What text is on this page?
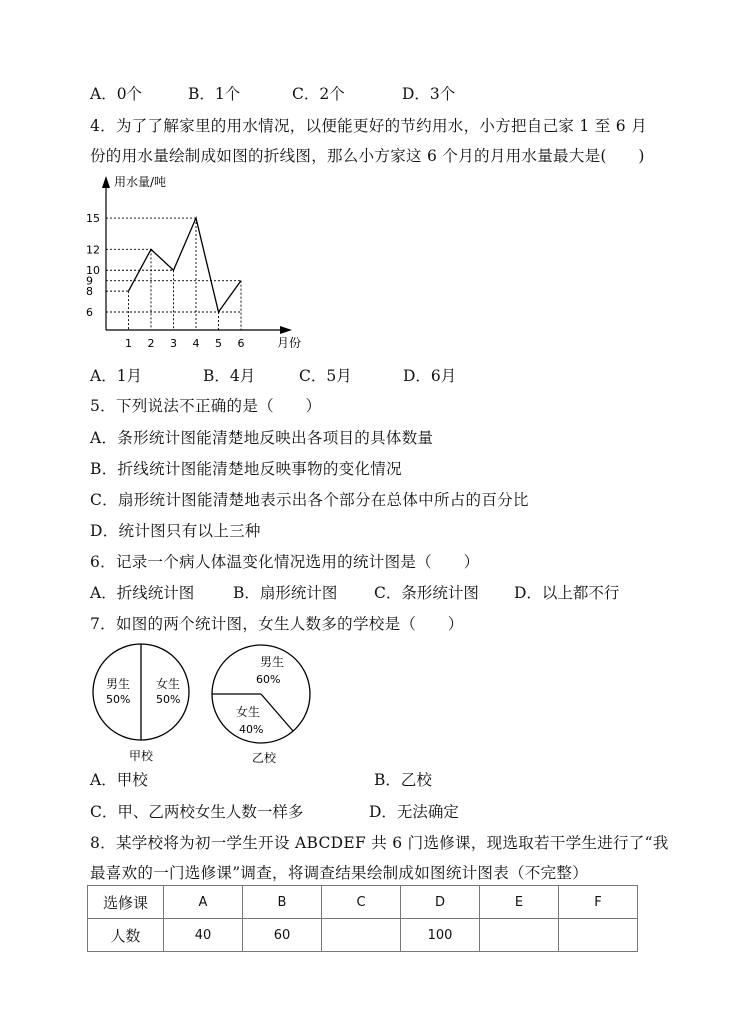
A．0个	B．1个	C．2个	D．3个
4．为了了解家里的用水情况，以便能更好的节约用水，小方把自己家 1 至 6 月
份的用水量绘制成如图的折线图，那么小方家这 6 个月的月用水量最大是(　　)
6
8
9
10
12
15
1 2 3 4 5 6
用水量/吨
月份
A．1月	B．4月	C．5月	D．6月
5．下列说法不正确的是（　　）
A．条形统计图能清楚地反映出各项目的具体数量
B．折线统计图能清楚地反映事物的变化情况
C．扇形统计图能清楚地表示出各个部分在总体中所占的百分比
D．统计图只有以上三种
6．记录一个病人体温变化情况选用的统计图是（　　）
A．折线统计图	B．扇形统计图 C．条形统计图 D．以上都不行
7．如图的两个统计图，女生人数多的学校是（　　）
男生
50%
女生
50%
甲校
男生
60%
女生
40%
乙校
A．甲校	B．乙校
C．甲、乙两校女生人数一样多	D．无法确定
8．某学校将为初一学生开设 ABCDEF 共 6 门选修课，现选取若干学生进行了“我
最喜欢的一门选修课”调查，将调查结果绘制成如图统计图表（不完整）
选修课	A	B	C	D	E	F
人数	40	60		100		
